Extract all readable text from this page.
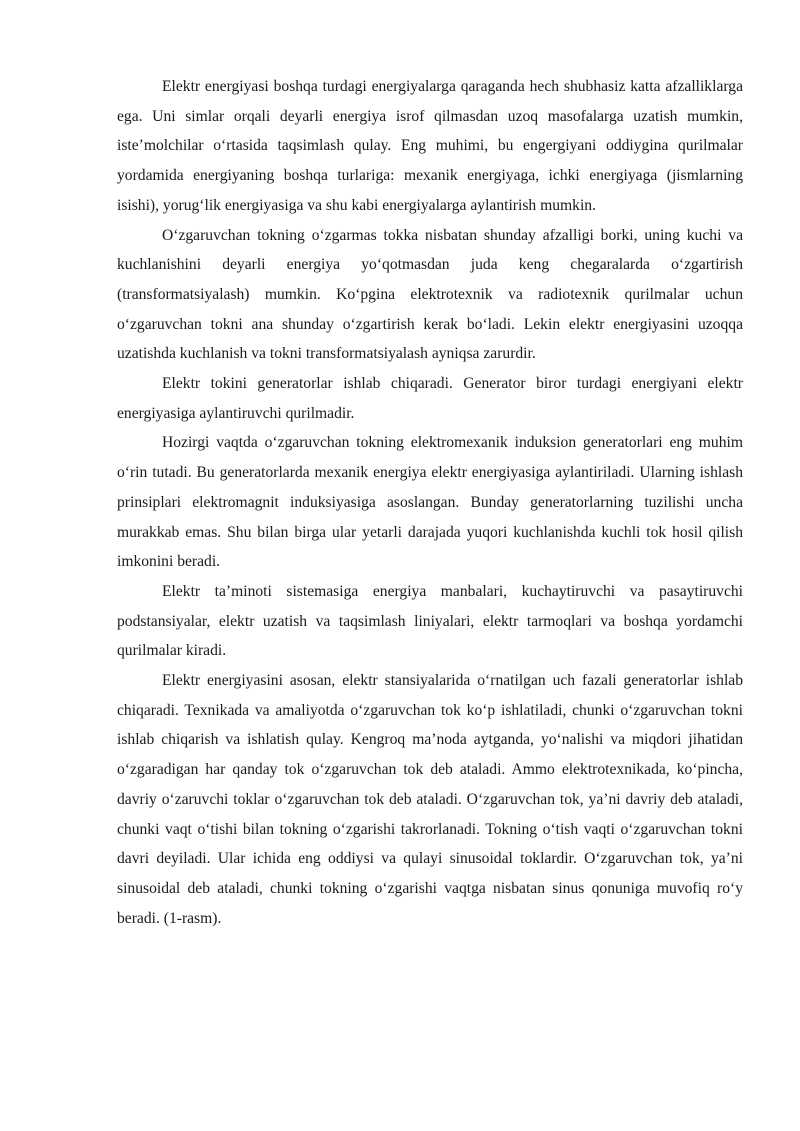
Elektr energiyasi boshqa turdagi energiyalarga qaraganda hech shubhasiz katta afzalliklarga ega. Uni simlar orqali deyarli energiya isrof qilmasdan uzoq masofalarga uzatish mumkin, iste’molchilar o‘rtasida taqsimlash qulay. Eng muhimi, bu engergiyani oddiygina qurilmalar yordamida energiyaning boshqa turlariga: mexanik energiyaga, ichki energiyaga (jismlarning isishi), yorug‘lik energiyasiga va shu kabi energiyalarga aylantirish mumkin.

O‘zgaruvchan tokning o‘zgarmas tokka nisbatan shunday afzalligi borki, uning kuchi va kuchlanishini deyarli energiya yo‘qotmasdan juda keng chegaralarda o‘zgartirish (transformatsiyalash) mumkin. Ko‘pgina elektrotexnik va radiotexnik qurilmalar uchun o‘zgaruvchan tokni ana shunday o‘zgartirish kerak bo‘ladi. Lekin elektr energiyasini uzoqqa uzatishda kuchlanish va tokni transformatsiyalash ayniqsa zarurdir.

Elektr tokini generatorlar ishlab chiqaradi. Generator biror turdagi energiyani elektr energiyasiga aylantiruvchi qurilmadir.

Hozirgi vaqtda o‘zgaruvchan tokning elektromexanik induksion generatorlari eng muhim o‘rin tutadi. Bu generatorlarda mexanik energiya elektr energiyasiga aylantiriladi. Ularning ishlash prinsiplari elektromagnit induksiyasiga asoslangan. Bunday generatorlarning tuzilishi uncha murakkab emas. Shu bilan birga ular yetarli darajada yuqori kuchlanishda kuchli tok hosil qilish imkonini beradi.

Elektr ta’minoti sistemasiga energiya manbalari, kuchaytiruvchi va pasaytiruvchi podstansiyalar, elektr uzatish va taqsimlash liniyalari, elektr tarmoqlari va boshqa yordamchi qurilmalar kiradi.

Elektr energiyasini asosan, elektr stansiyalarida o‘rnatilgan uch fazali generatorlar ishlab chiqaradi. Texnikada va amaliyotda o‘zgaruvchan tok ko‘p ishlatiladi, chunki o‘zgaruvchan tokni ishlab chiqarish va ishlatish qulay. Kengroq ma’noda aytganda, yo‘nalishi va miqdori jihatidan o‘zgaradigan har qanday tok o‘zgaruvchan tok deb ataladi. Ammo elektrotexnikada, ko‘pincha, davriy o‘zaruvchi toklar o‘zgaruvchan tok deb ataladi. O‘zgaruvchan tok, ya’ni davriy deb ataladi, chunki vaqt o‘tishi bilan tokning o‘zgarishi takrorlanadi. Tokning o‘tish vaqti o‘zgaruvchan tokni davri deyiladi. Ular ichida eng oddiysi va qulayi sinusoidal toklardir. O‘zgaruvchan tok, ya’ni sinusoidal deb ataladi, chunki tokning o‘zgarishi vaqtga nisbatan sinus qonuniga muvofiq ro‘y beradi. (1-rasm).
